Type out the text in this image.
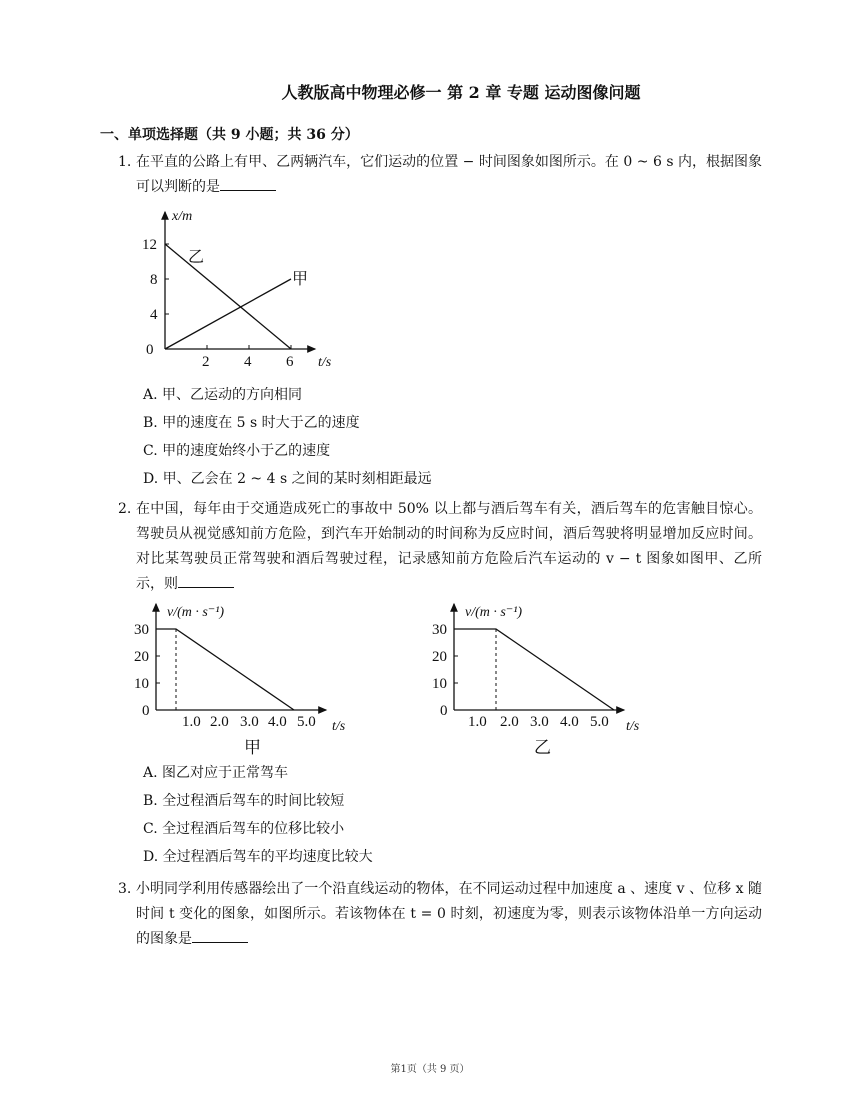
人教版高中物理必修一 第 2 章 专题 运动图像问题
一、单项选择题（共 9 小题；共 36 分）
1. 在平直的公路上有甲、乙两辆汽车，它们运动的位置 − 时间图象如图所示。在 0 ~ 6 s 内，根据图象可以判断的是
x/m
t/s
0
4
8
12
2 4 6
乙
甲
A. 甲、乙运动的方向相同
B. 甲的速度在 5 s 时大于乙的速度
C. 甲的速度始终小于乙的速度
D. 甲、乙会在 2 ~ 4 s 之间的某时刻相距最远
2. 在中国，每年由于交通造成死亡的事故中 50% 以上都与酒后驾车有关，酒后驾车的危害触目惊心。驾驶员从视觉感知前方危险，到汽车开始制动的时间称为反应时间，酒后驾驶将明显增加反应时间。对比某驾驶员正常驾驶和酒后驾驶过程，记录感知前方危险后汽车运动的 v − t 图象如图甲、乙所示，则
v/(m · s⁻¹)
t/s
0
10
20
30
1.0 2.0 3.0 4.0 5.0
甲
v/(m · s⁻¹)
t/s
0
10
20
30
1.0 2.0 3.0 4.0 5.0
乙
A. 图乙对应于正常驾车
B. 全过程酒后驾车的时间比较短
C. 全过程酒后驾车的位移比较小
D. 全过程酒后驾车的平均速度比较大
3. 小明同学利用传感器绘出了一个沿直线运动的物体，在不同运动过程中加速度 a 、速度 v 、位移 x 随时间 t 变化的图象，如图所示。若该物体在 t = 0 时刻，初速度为零，则表示该物体沿单一方向运动的图象是
第1页（共 9 页）
